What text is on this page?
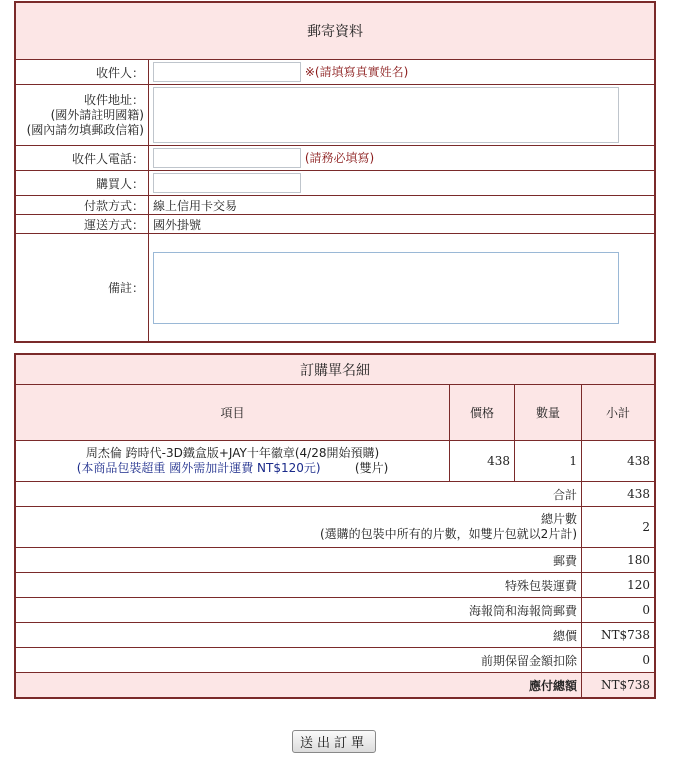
郵寄資料	
收件人：	※(請填寫真實姓名)

收件地址：
(國外請註明國籍)
(國內請勿填郵政信箱)

收件人電話：	(請務必填寫)
購買人：	
付款方式：	線上信用卡交易
運送方式：	國外掛號
備註：	
訂購單名細			
項目	價格	數量	小計

周杰倫 跨時代-3D鐵盒版+JAY十年徽章(4/28開始預購)
(本商品包裝超重 國外需加計運費 NT$120元) (雙片)	438	1	438
合計			438

總片數
(選購的包裝中所有的片數，如雙片包就以2片計)			2
郵費			180
特殊包裝運費			120
海報筒和海報筒郵費			0
總價			NT$738
前期保留金額扣除			0
應付總額			NT$738
送出訂單
